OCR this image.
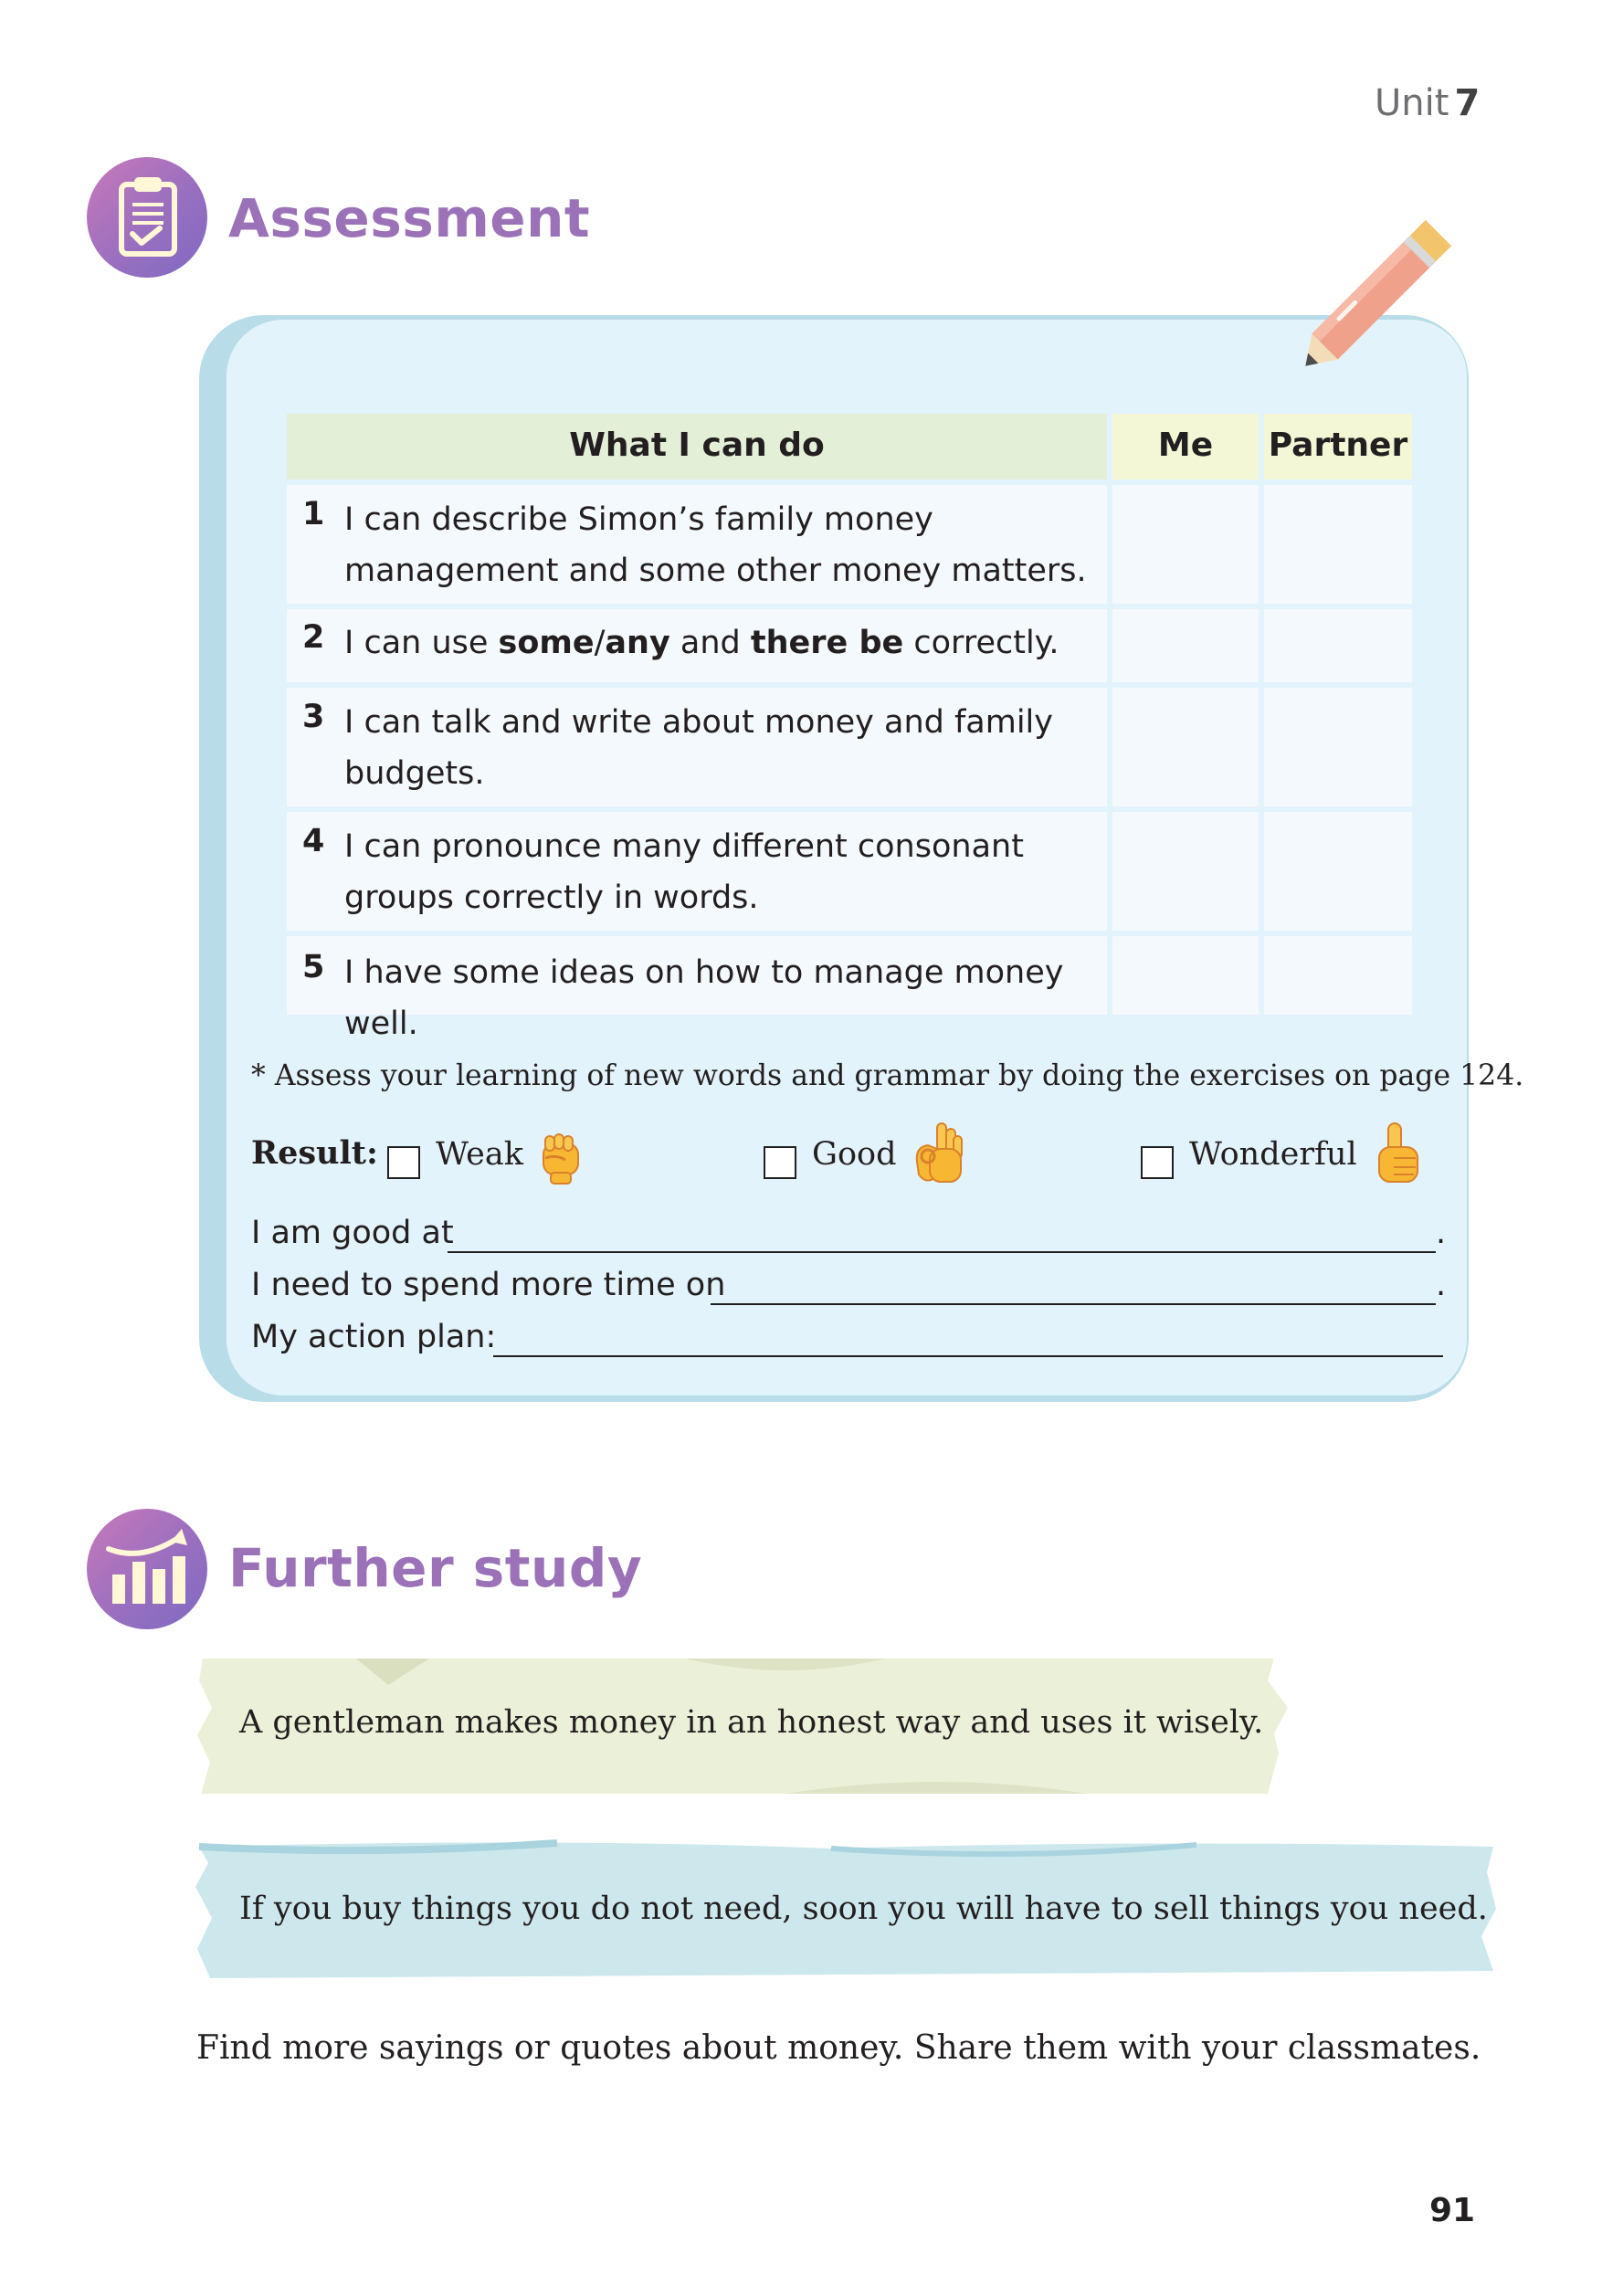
Unit 7
Assessment
What I can do	Me	Partner
1 I can describe Simon’s family money management and some other money matters.
2 I can use some/any and there be correctly.
3 I can talk and write about money and family budgets.
4 I can pronounce many different consonant groups correctly in words.
5 I have some ideas on how to manage money well.
* Assess your learning of new words and grammar by doing the exercises on page 124.
Result: Weak	Good	Wonderful
I am good at	.
I need to spend more time on	.
My action plan:
Further study
A gentleman makes money in an honest way and uses it wisely.
If you buy things you do not need, soon you will have to sell things you need.
Find more sayings or quotes about money. Share them with your classmates.
91
